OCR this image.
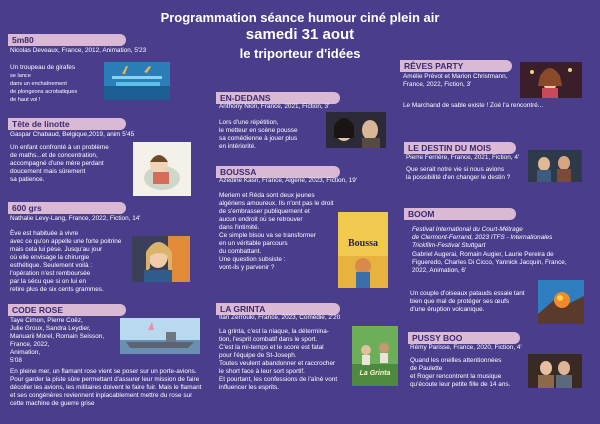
Programmation séance humour ciné plein air
samedi 31 aout
le triporteur d'idées
5m80
Nicolas Deveaux, France, 2012, Animation, 5'23
Un troupeau de girafes
se lance
dans un enchaînement
de plongeons acrobatiques
de haut vol !
Tête de linotte
Gaspar Chabaud, Belgique,2019, anim 5'45
Un enfant confronté à un problème
de maths...et de concentration,
accompagné d'une mère perdant
doucement mais sûrement
sa patience.
600 grs
Nathalie Levy-Lang, France, 2022, Fiction, 14'
Ève est habituée à vivre
avec ce qu'on appelle une forte poitrine
mais cela lui pèse. Jusqu'au jour
où elle envisage la chirurgie
esthétique. Seulement voilà :
l'opération n'est remboursée
par la sécu que si on lui en
retire plus de six cents grammes.
CODE ROSE
Taye Cimon, Pierre Coëz,
Julie Groux, Sandra Leydier,
Manuarii Morel, Romain Seisson,
France, 2022,
Animation,
5'08
En pleine mer, un flamant rose vient se poser sur un porte-avions.
Pour garder la piste sûre permettant d'assurer leur mission de faire
décoller les avions, les militaires doivent le faire fuir. Mais le flamant
et ses congénères reviennent inplacablement mettre du rose sur
cette machine de guerre grise
EN-DEDANS
Anthony Nion, France, 2021, Fiction, 3'
Lors d'une répétition,
le metteur en scène pousse
sa comédienne à jouer plus
en intériorité.
BOUSSA
Azedine Kasri, France, Algérie, 2023, Fiction, 19'
Meriem et Réda sont deux jeunes
algériens amoureux. Ils n'ont pas le droit
de s'embrasser publiquement et
aucun endroit où se retrouver
dans l'intimité.
Ce simple bisou va se transformer
en un véritable parcours
du combattant.
Une question subsiste :
vont-ils y parvenir ?
Boussa
LA GRINTA
Ilan Zerrouki, France, 2023, Comédie, 2'20
La grinta, c'est la niaque, la détermina-
tion, l'esprit combatif dans le sport.
C'est la mi-temps et le score est fatal
pour l'équipe de St-Joseph.
Toutes veulent abandonner et raccrocher
le short face à leur sort sportif.
Et pourtant, les confessions de l'aîné vont
influencer les esprits.
La Grinta
RÊVES PARTY
Amélie Prévot et Marion Christmann,
France, 2022, Fiction, 3'
Le Marchand de sable existe ! Zoé l'a rencontré...
LE DESTIN DU MOIS
Pierre Ferrière, France, 2021, Fiction, 4'
Que serait notre vie si nous avions
la possibilité d'en changer le destin ?
BOOM
Festival International du Court-Métrage
de Clermont-Ferrand, 2023 ITFS - Internationales
Trickfilm-Festival Stuttgart
Gabriel Augerai, Romain Augier, Laurie Pereira de
Figueredo, Charles Di Cicco, Yannick Jacquin, France,
2022, Animation, 6'
Un couple d'oiseaux patauds essaie tant
bien que mal de protéger ses œufs
d'une éruption volcanique.
PUSSY BOO
Rémy Parisse, France, 2020, Fiction, 4'
Quand les oreilles attentionnées
de Paulette
et Roger rencontrent la musique
qu'écoute leur petite fille de 14 ans.
